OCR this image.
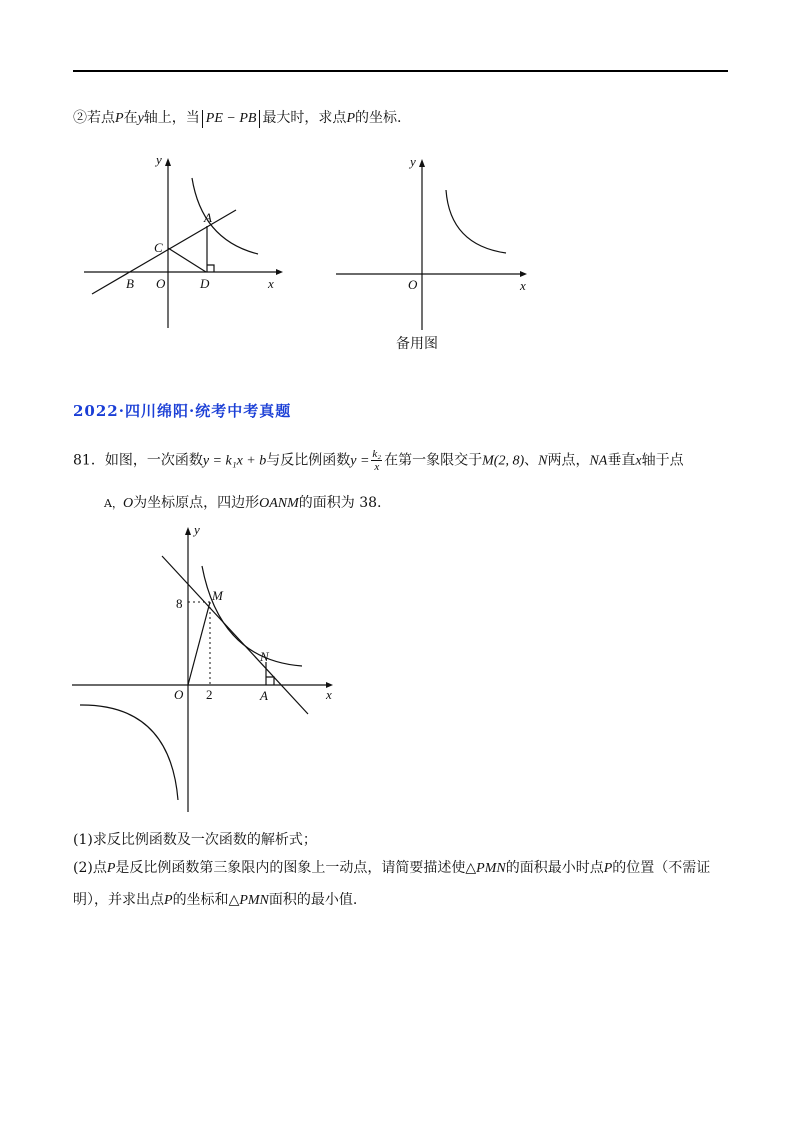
②若点P在y轴上，当 PE − PB 最大时，求点P的坐标.
y
x
A
B
C
D
O
y
x
O
备用图
2022·四川绵阳·统考中考真题
81．如图，一次函数y = k₁x + b与反比例函数$y = \frac{\text{k₂}}{x}$ 在第一象限交于M(2, 8)、N两点，NA垂直x轴于点
A，O为坐标原点，四边形OANM的面积为 38.
y
x
M
N
O	A
8
2
(1)求反比例函数及一次函数的解析式；
(2)点P是反比例函数第三象限内的图象上一动点，请简要描述使△PMN的面积最小时点P的位置（不需证
明），并求出点P的坐标和△PMN面积的最小值.
